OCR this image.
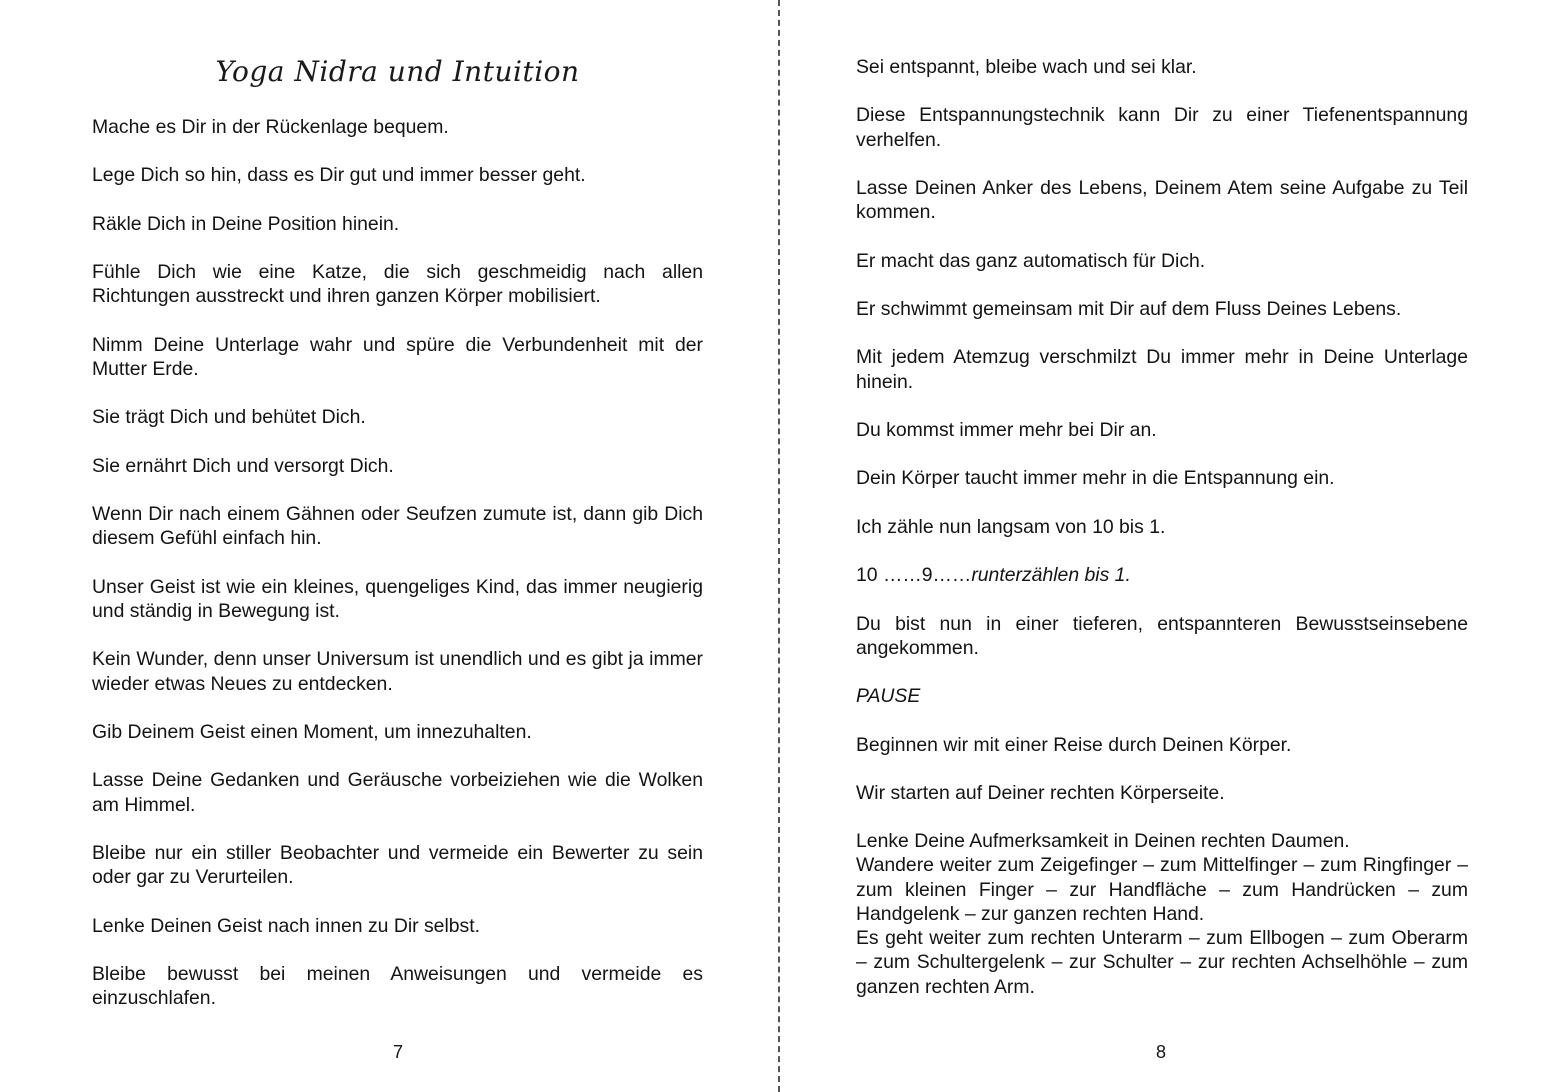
Yoga Nidra und Intuition

Mache es Dir in der Rückenlage bequem.

Lege Dich so hin, dass es Dir gut und immer besser geht.

Räkle Dich in Deine Position hinein.

Fühle Dich wie eine Katze, die sich geschmeidig nach allen Richtungen ausstreckt und ihren ganzen Körper mobilisiert.

Nimm Deine Unterlage wahr und spüre die Verbundenheit mit der Mutter Erde.

Sie trägt Dich und behütet Dich.

Sie ernährt Dich und versorgt Dich.

Wenn Dir nach einem Gähnen oder Seufzen zumute ist, dann gib Dich diesem Gefühl einfach hin.

Unser Geist ist wie ein kleines, quengeliges Kind, das immer neugierig und ständig in Bewegung ist.

Kein Wunder, denn unser Universum ist unendlich und es gibt ja immer wieder etwas Neues zu entdecken.

Gib Deinem Geist einen Moment, um innezuhalten.

Lasse Deine Gedanken und Geräusche vorbeiziehen wie die Wolken am Himmel.

Bleibe nur ein stiller Beobachter und vermeide ein Bewerter zu sein oder gar zu Verurteilen.

Lenke Deinen Geist nach innen zu Dir selbst.

Bleibe bewusst bei meinen Anweisungen und vermeide es einzuschlafen.

7

Sei entspannt, bleibe wach und sei klar.

Diese Entspannungstechnik kann Dir zu einer Tiefenentspannung verhelfen.

Lasse Deinen Anker des Lebens, Deinem Atem seine Aufgabe zu Teil kommen.

Er macht das ganz automatisch für Dich.

Er schwimmt gemeinsam mit Dir auf dem Fluss Deines Lebens.

Mit jedem Atemzug verschmilzt Du immer mehr in Deine Unterlage hinein.

Du kommst immer mehr bei Dir an.

Dein Körper taucht immer mehr in die Entspannung ein.

Ich zähle nun langsam von 10 bis 1.

10 ……9……runterzählen bis 1.

Du bist nun in einer tieferen, entspannteren Bewusstseinsebene angekommen.

PAUSE

Beginnen wir mit einer Reise durch Deinen Körper.

Wir starten auf Deiner rechten Körperseite.

Lenke Deine Aufmerksamkeit in Deinen rechten Daumen.

Wandere weiter zum Zeigefinger – zum Mittelfinger – zum Ringfinger – zum kleinen Finger – zur Handfläche – zum Handrücken – zum Handgelenk – zur ganzen rechten Hand.

Es geht weiter zum rechten Unterarm – zum Ellbogen – zum Oberarm – zum Schultergelenk – zur Schulter – zur rechten Achselhöhle – zum ganzen rechten Arm.

8
